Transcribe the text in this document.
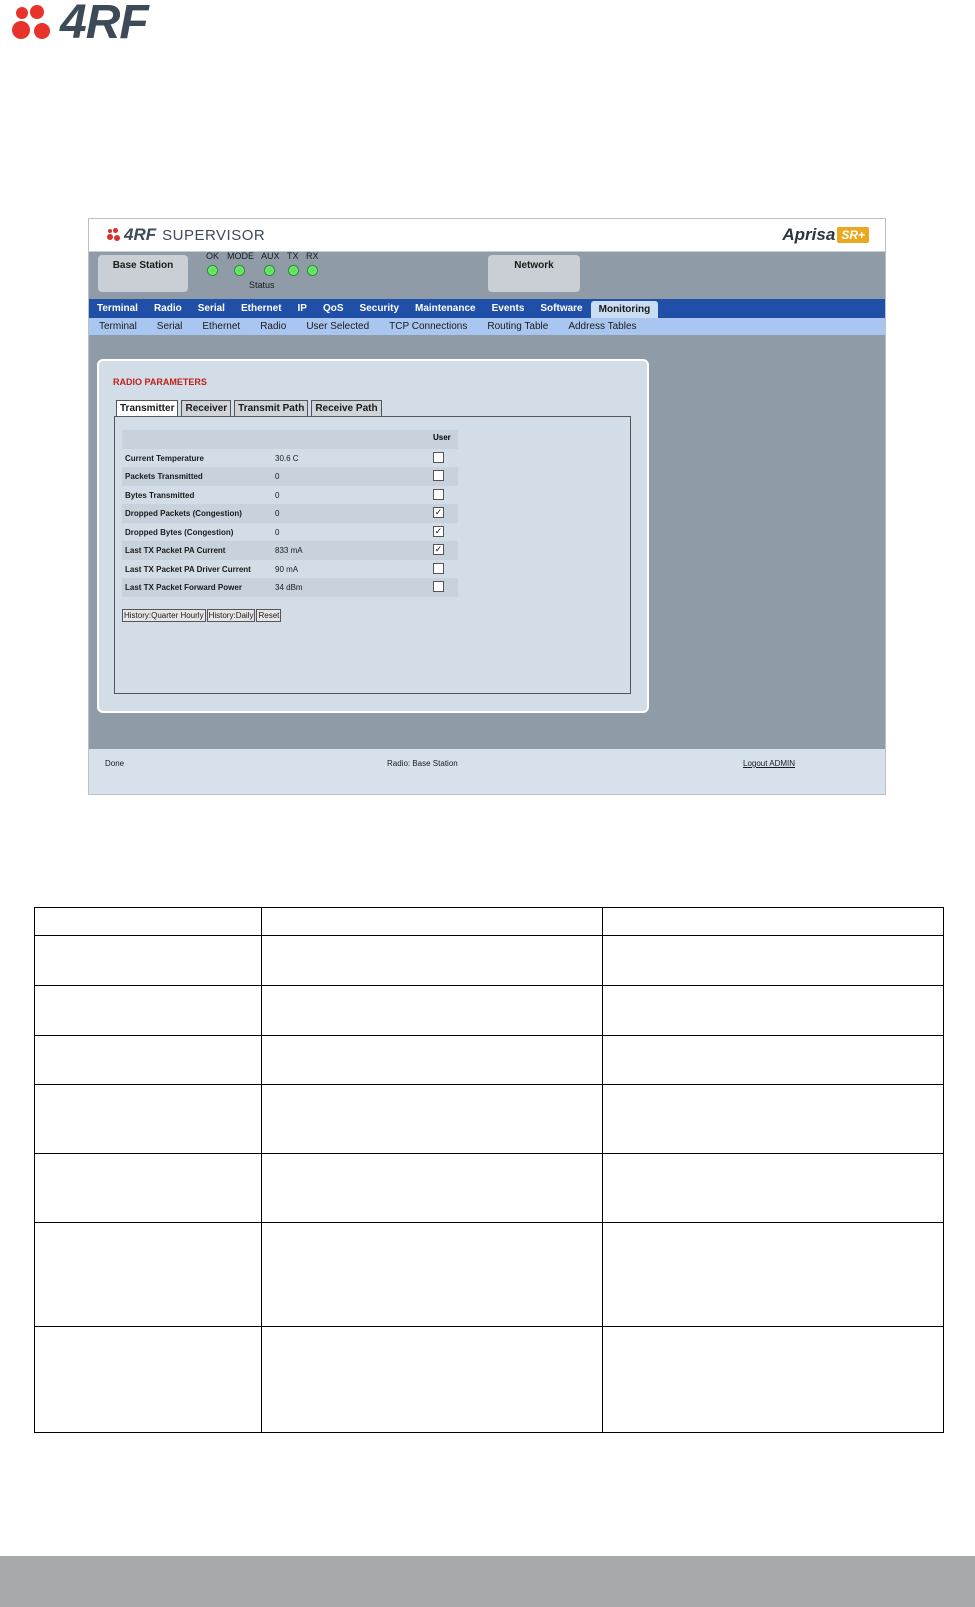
4RF
4RF SUPERVISOR	Aprisa SR+
Base Station	Network
OK MODE AUX TX RX
Status
Terminal	Radio	Serial	Ethernet	IP	QoS	Security	Maintenance	Events	Software	Monitoring
Terminal	Serial	Ethernet	Radio	User Selected	TCP Connections	Routing Table	Address Tables
RADIO PARAMETERS
Transmitter	Receiver	Transmit Path	Receive Path
User
Current Temperature	30.6 C
Packets Transmitted	0
Bytes Transmitted	0
Dropped Packets (Congestion)	0	✓
Dropped Bytes (Congestion)	0	✓
Last TX Packet PA Current	833 mA	✓
Last TX Packet PA Driver Current	90 mA
Last TX Packet Forward Power	34 dBm
History:Quarter Hourly History:Daily Reset
Done	Radio: Base Station	Logout ADMIN
